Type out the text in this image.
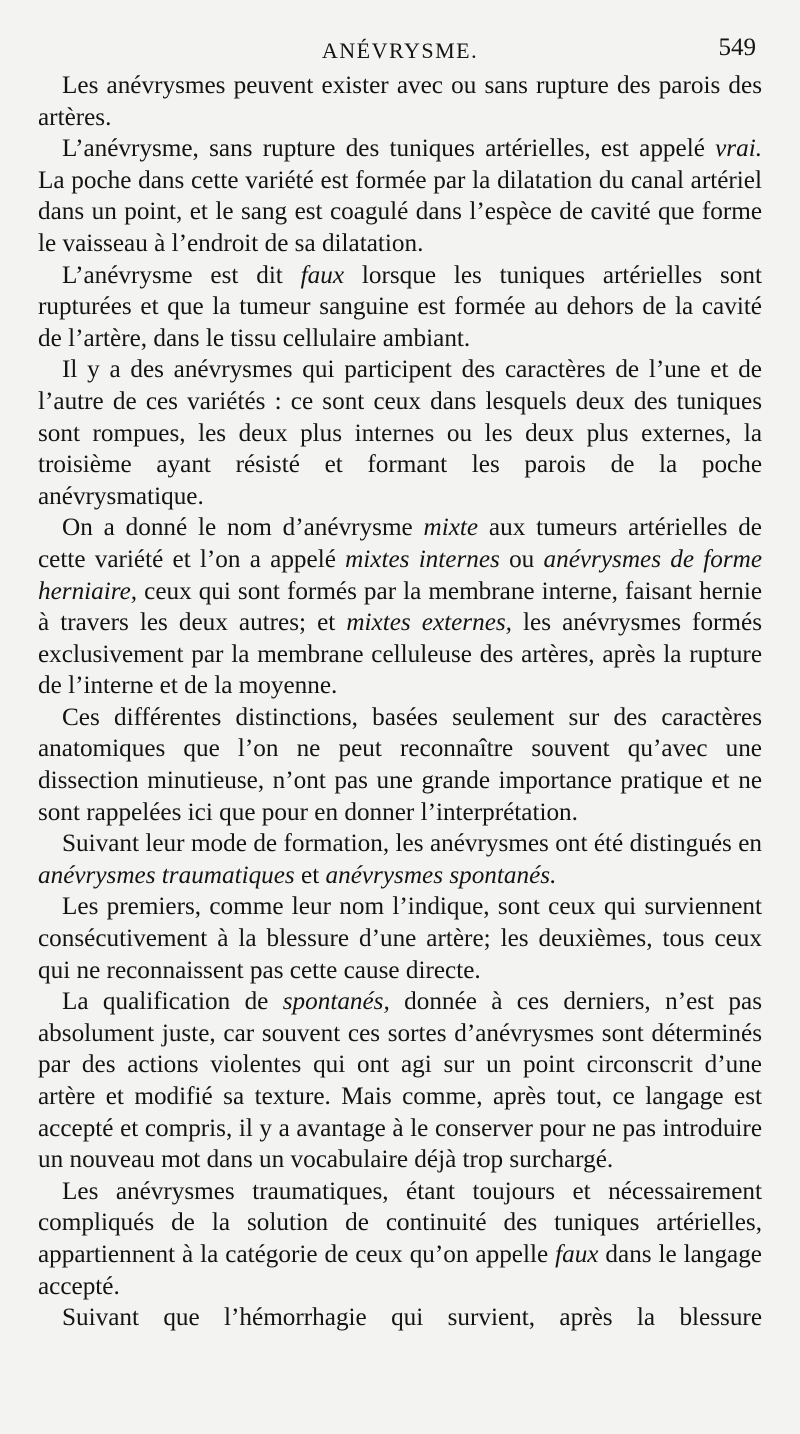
ANÉVRYSME.	549

Les anévrysmes peuvent exister avec ou sans rupture des parois des artères.

L’anévrysme, sans rupture des tuniques artérielles, est appelé vrai. La poche dans cette variété est formée par la dilatation du canal artériel dans un point, et le sang est coagulé dans l’espèce de cavité que forme le vaisseau à l’endroit de sa dilatation.

L’anévrysme est dit faux lorsque les tuniques artérielles sont rupturées et que la tumeur sanguine est formée au dehors de la cavité de l’artère, dans le tissu cellulaire ambiant.

Il y a des anévrysmes qui participent des caractères de l’une et de l’autre de ces variétés : ce sont ceux dans lesquels deux des tuniques sont rompues, les deux plus internes ou les deux plus externes, la troisième ayant résisté et formant les parois de la poche anévrysmatique.

On a donné le nom d’anévrysme mixte aux tumeurs artérielles de cette variété et l’on a appelé mixtes internes ou anévrysmes de forme herniaire, ceux qui sont formés par la membrane interne, faisant hernie à travers les deux autres; et mixtes externes, les anévrysmes formés exclusivement par la membrane celluleuse des artères, après la rupture de l’interne et de la moyenne.

Ces différentes distinctions, basées seulement sur des caractères anatomiques que l’on ne peut reconnaître souvent qu’avec une dissection minutieuse, n’ont pas une grande importance pratique et ne sont rappelées ici que pour en donner l’interprétation.

Suivant leur mode de formation, les anévrysmes ont été distingués en anévrysmes traumatiques et anévrysmes spontanés.

Les premiers, comme leur nom l’indique, sont ceux qui surviennent consécutivement à la blessure d’une artère; les deuxièmes, tous ceux qui ne reconnaissent pas cette cause directe.

La qualification de spontanés, donnée à ces derniers, n’est pas absolument juste, car souvent ces sortes d’anévrysmes sont déterminés par des actions violentes qui ont agi sur un point circonscrit d’une artère et modifié sa texture. Mais comme, après tout, ce langage est accepté et compris, il y a avantage à le conserver pour ne pas introduire un nouveau mot dans un vocabulaire déjà trop surchargé.

Les anévrysmes traumatiques, étant toujours et nécessairement compliqués de la solution de continuité des tuniques artérielles, appartiennent à la catégorie de ceux qu’on appelle faux dans le langage accepté.

Suivant que l’hémorrhagie qui survient, après la blessure
